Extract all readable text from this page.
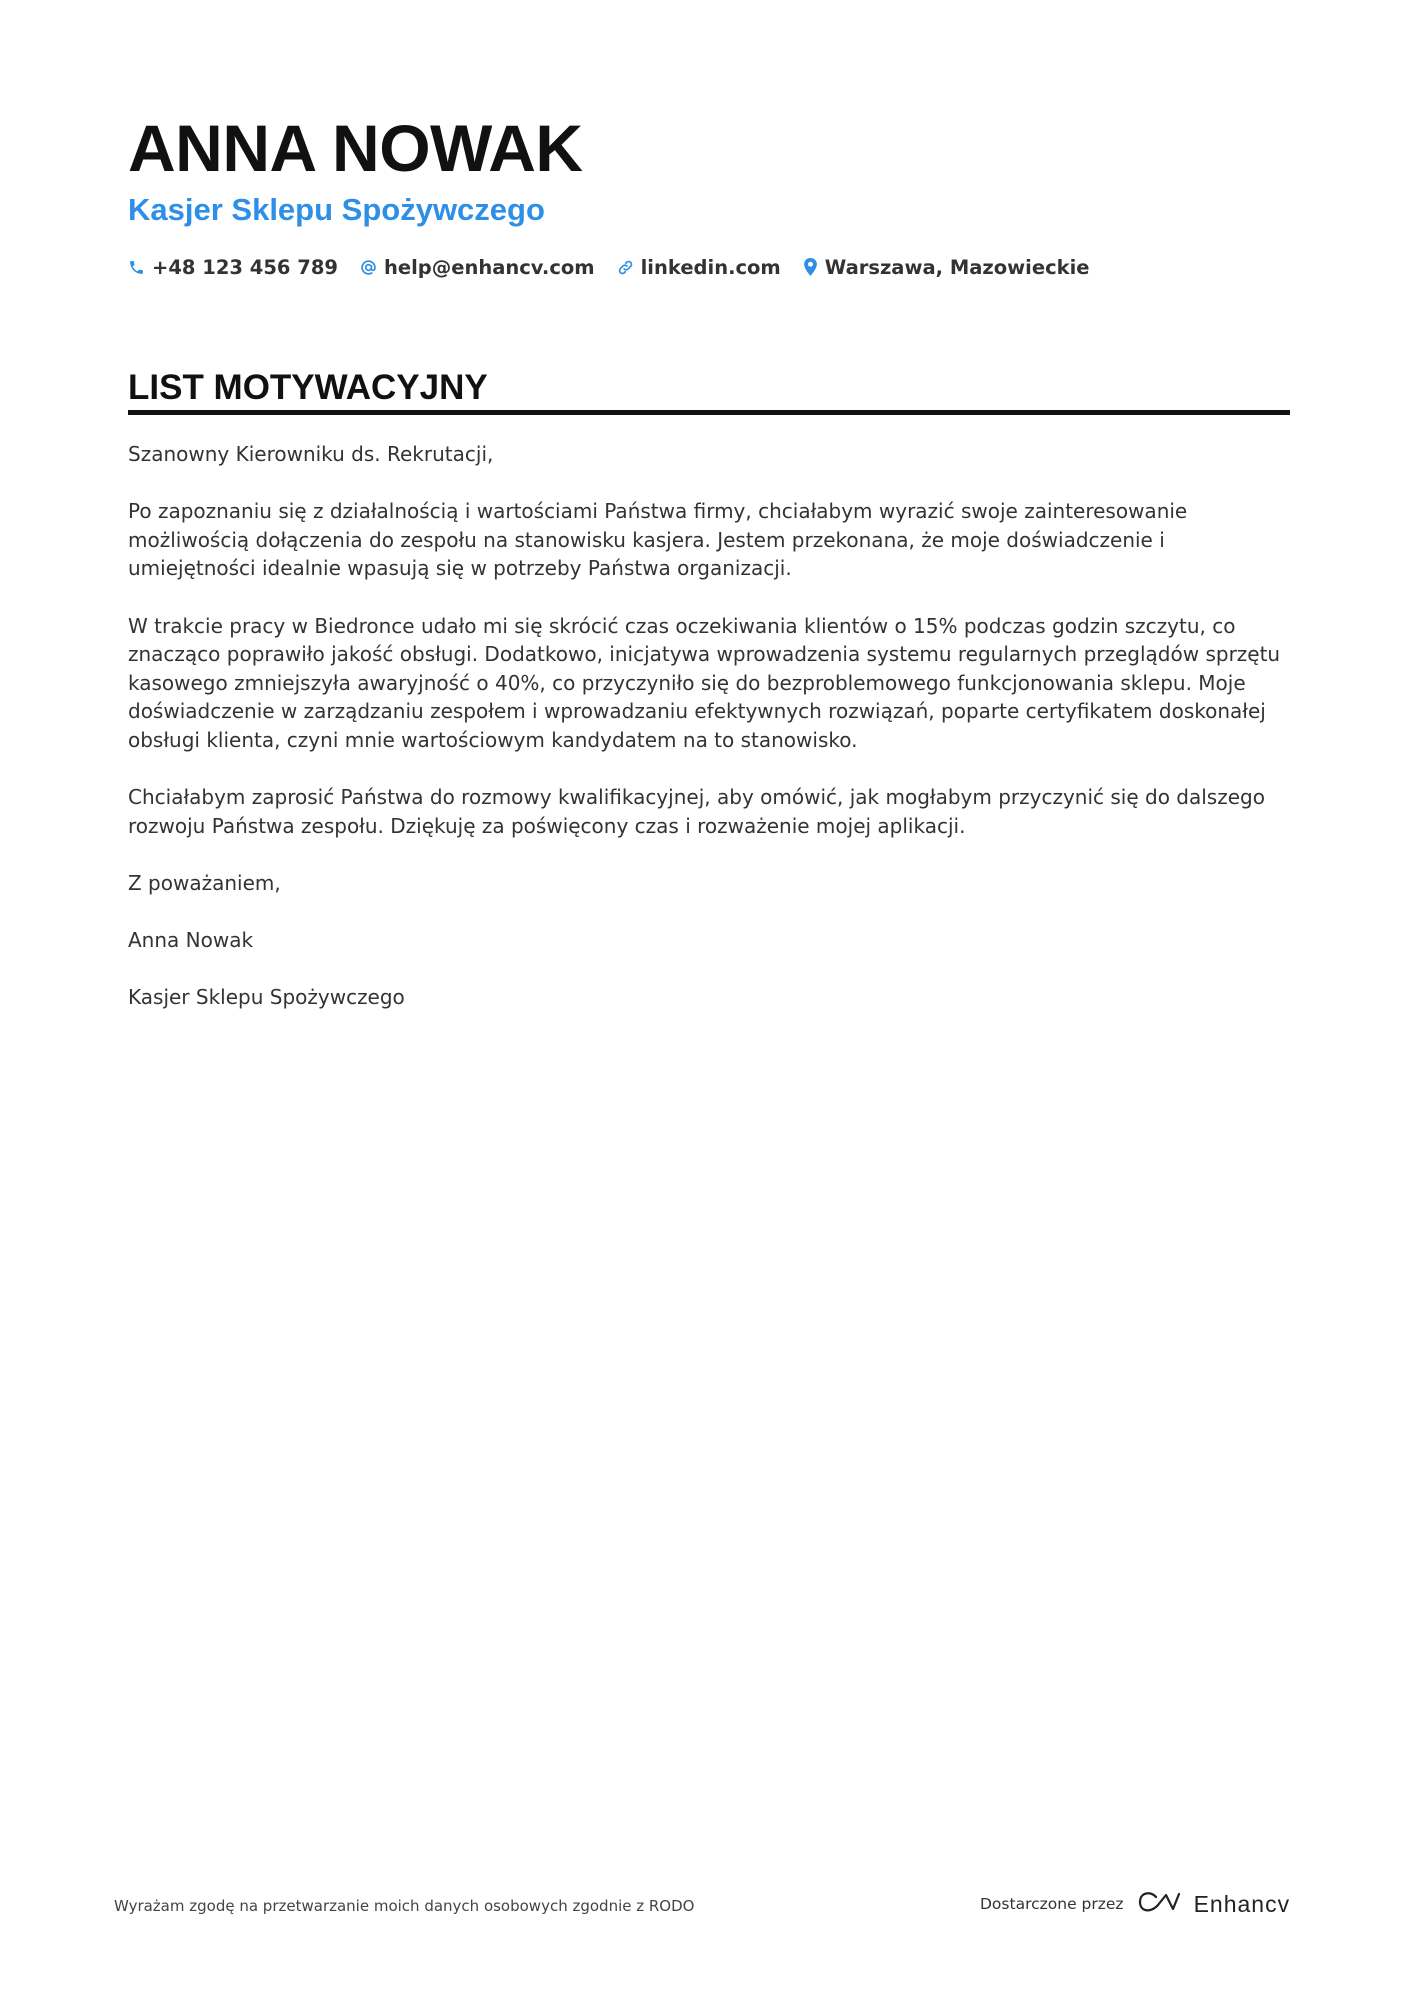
ANNA NOWAK
Kasjer Sklepu Spożywczego
+48 123 456 789 help@enhancv.com linkedin.com Warszawa, Mazowieckie
LIST MOTYWACYJNY

Szanowny Kierowniku ds. Rekrutacji,

Po zapoznaniu się z działalnością i wartościami Państwa firmy, chciałabym wyrazić swoje zainteresowanie możliwością dołączenia do zespołu na stanowisku kasjera. Jestem przekonana, że moje doświadczenie i umiejętności idealnie wpasują się w potrzeby Państwa organizacji.

W trakcie pracy w Biedronce udało mi się skrócić czas oczekiwania klientów o 15% podczas godzin szczytu, co znacząco poprawiło jakość obsługi. Dodatkowo, inicjatywa wprowadzenia systemu regularnych przeglądów sprzętu kasowego zmniejszyła awaryjność o 40%, co przyczyniło się do bezproblemowego funkcjonowania sklepu. Moje doświadczenie w zarządzaniu zespołem i wprowadzaniu efektywnych rozwiązań, poparte certyfikatem doskonałej obsługi klienta, czyni mnie wartościowym kandydatem na to stanowisko.

Chciałabym zaprosić Państwa do rozmowy kwalifikacyjnej, aby omówić, jak mogłabym przyczynić się do dalszego rozwoju Państwa zespołu. Dziękuję za poświęcony czas i rozważenie mojej aplikacji.

Z poważaniem,

Anna Nowak

Kasjer Sklepu Spożywczego

Wyrażam zgodę na przetwarzanie moich danych osobowych zgodnie z RODO	Dostarczone przez	Enhancv
